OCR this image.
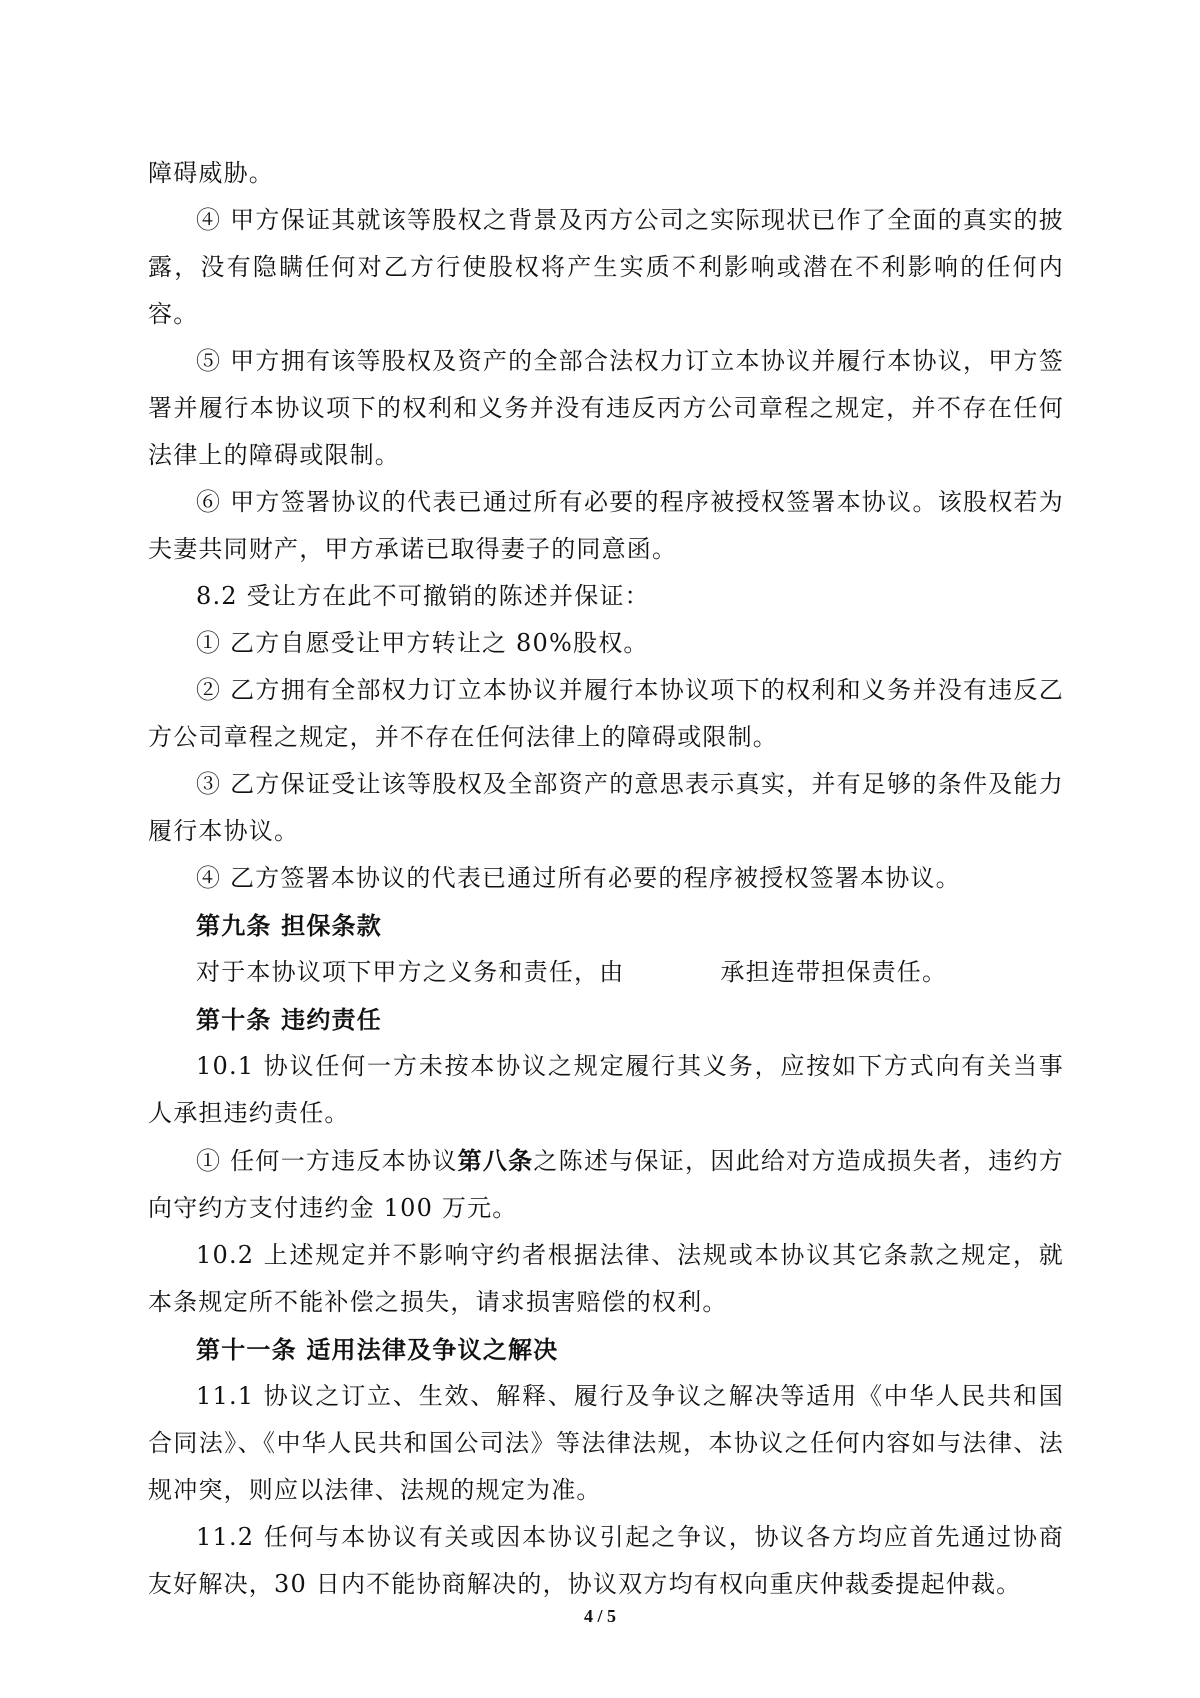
障碍威胁。

④ 甲方保证其就该等股权之背景及丙方公司之实际现状已作了全面的真实的披露，没有隐瞒任何对乙方行使股权将产生实质不利影响或潜在不利影响的任何内容。

⑤ 甲方拥有该等股权及资产的全部合法权力订立本协议并履行本协议，甲方签署并履行本协议项下的权利和义务并没有违反丙方公司章程之规定，并不存在任何法律上的障碍或限制。

⑥ 甲方签署协议的代表已通过所有必要的程序被授权签署本协议。该股权若为夫妻共同财产，甲方承诺已取得妻子的同意函。

8.2 受让方在此不可撤销的陈述并保证：

① 乙方自愿受让甲方转让之 80%股权。

② 乙方拥有全部权力订立本协议并履行本协议项下的权利和义务并没有违反乙方公司章程之规定，并不存在任何法律上的障碍或限制。

③ 乙方保证受让该等股权及全部资产的意思表示真实，并有足够的条件及能力履行本协议。

④ 乙方签署本协议的代表已通过所有必要的程序被授权签署本协议。

第九条 担保条款

对于本协议项下甲方之义务和责任，由	承担连带担保责任。

第十条 违约责任

10.1 协议任何一方未按本协议之规定履行其义务，应按如下方式向有关当事人承担违约责任。

① 任何一方违反本协议第八条之陈述与保证，因此给对方造成损失者，违约方向守约方支付违约金 100 万元。

10.2 上述规定并不影响守约者根据法律、法规或本协议其它条款之规定，就本条规定所不能补偿之损失，请求损害赔偿的权利。

第十一条 适用法律及争议之解决

11.1 协议之订立、生效、解释、履行及争议之解决等适用《中华人民共和国合同法》、《中华人民共和国公司法》等法律法规，本协议之任何内容如与法律、法规冲突，则应以法律、法规的规定为准。

11.2 任何与本协议有关或因本协议引起之争议，协议各方均应首先通过协商友好解决，30 日内不能协商解决的，协议双方均有权向重庆仲裁委提起仲裁。

4 / 5
